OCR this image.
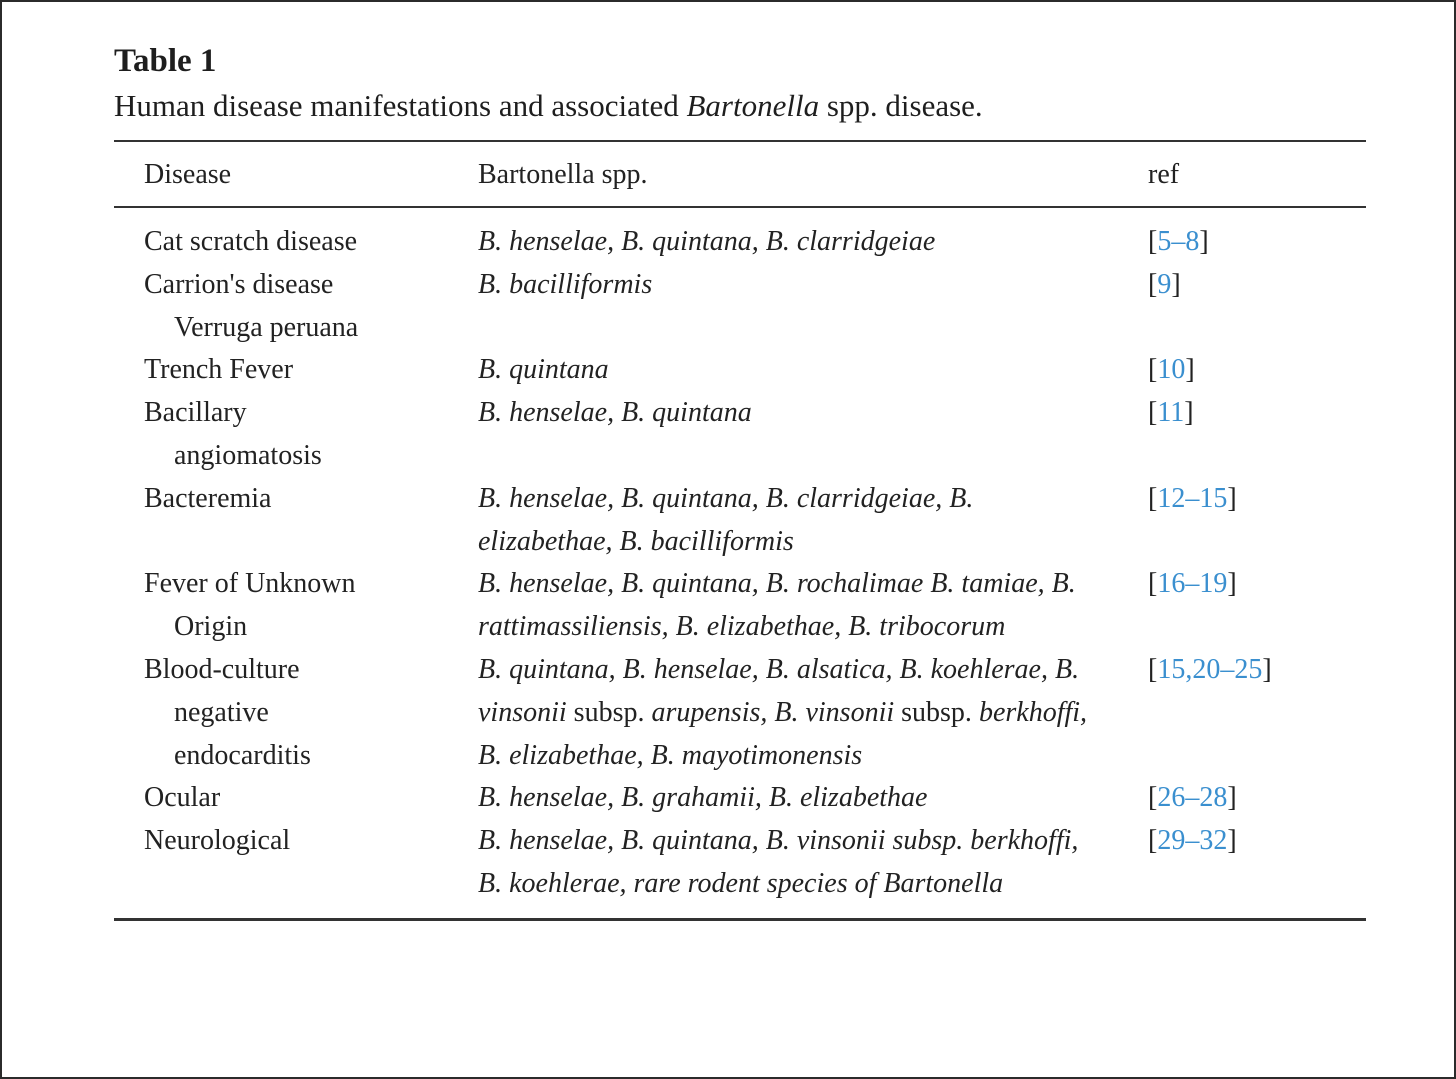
Table 1

Human disease manifestations and associated Bartonella spp. disease.

Disease	Bartonella spp.	ref

Cat scratch disease	B. henselae, B. quintana, B. clarridgeiae	[5–8]

Carrion's disease
Verruga peruana	B. bacilliformis	[9]

Trench Fever	B. quintana	[10]

Bacillary
angiomatosis	B. henselae, B. quintana	[11]

Bacteremia	B. henselae, B. quintana, B. clarridgeiae, B. elizabethae, B. bacilliformis	[12–15]

Fever of Unknown
Origin	B. henselae, B. quintana, B. rochalimae B. tamiae, B. rattimassiliensis, B. elizabethae, B. tribocorum	[16–19]

Blood-culture
negative
endocarditis	B. quintana, B. henselae, B. alsatica, B. koehlerae, B. vinsonii subsp. arupensis, B. vinsonii subsp. berkhoffi, B. elizabethae, B. mayotimonensis	[15,20–25]

Ocular	B. henselae, B. grahamii, B. elizabethae	[26–28]

Neurological	B. henselae, B. quintana, B. vinsonii subsp. berkhoffi, B. koehlerae, rare rodent species of Bartonella	[29–32]
